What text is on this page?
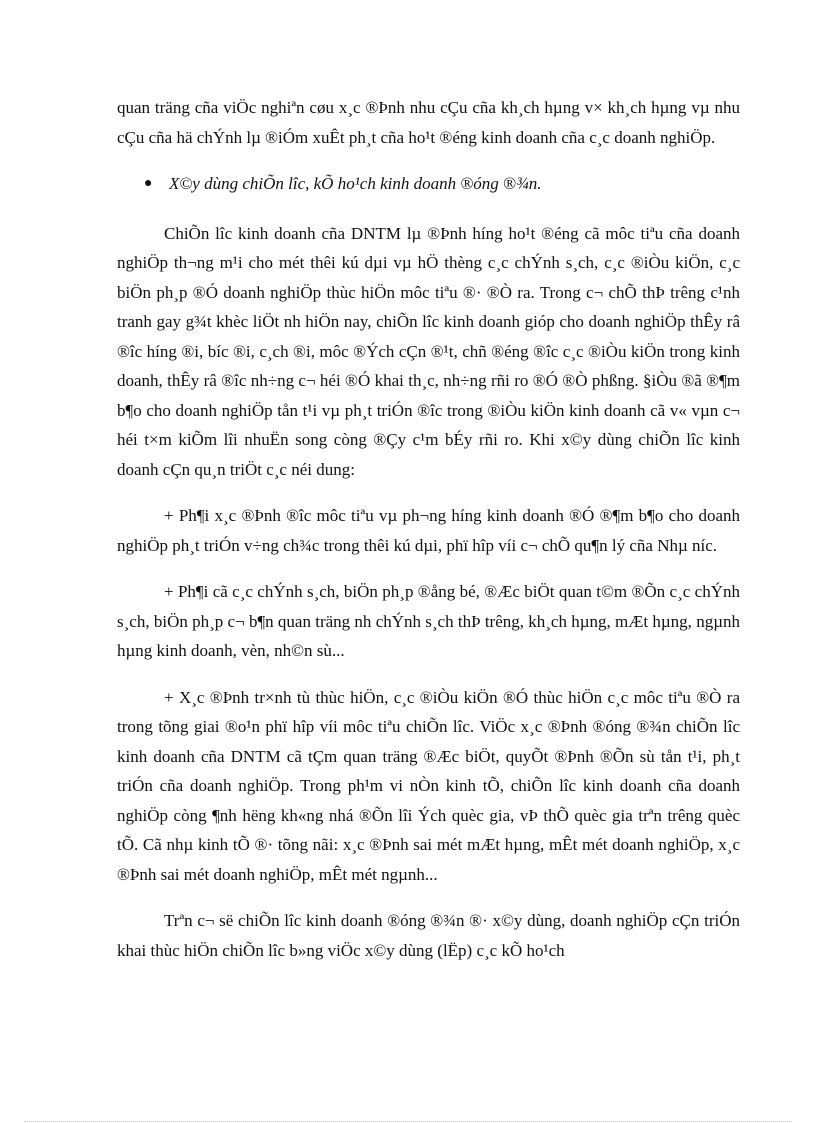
quan träng cña viÖc nghiªn cøu x¸c ®Þnh nhu cÇu cña kh¸ch hµng v× kh¸ch hµng vµ nhu cÇu cña hä chÝnh lµ ®iÓm xuÊt ph¸t cña ho¹t ®éng kinh doanh cña c¸c doanh nghiÖp.

● X©y dùng chiÕn lîc, kÕ ho¹ch kinh doanh ®óng ®¾n.

ChiÕn lîc kinh doanh cña DNTM lµ ®Þnh híng ho¹t ®éng cã môc tiªu cña doanh nghiÖp th¬ng m¹i cho mét thêi kú dµi vµ hÖ thèng c¸c chÝnh s¸ch, c¸c ®iÒu kiÖn, c¸c biÖn ph¸p ®Ó doanh nghiÖp thùc hiÖn môc tiªu ®· ®Ò ra. Trong c¬ chÕ thÞ trêng c¹nh tranh gay g¾t khèc liÖt nh hiÖn nay, chiÕn lîc kinh doanh gióp cho doanh nghiÖp thÊy râ ®îc híng ®i, bíc ®i, c¸ch ®i, môc ®Ých cÇn ®¹t, chñ ®éng ®îc c¸c ®iÒu kiÖn trong kinh doanh, thÊy râ ®îc nh÷ng c¬ héi ®Ó khai th¸c, nh÷ng rñi ro ®Ó ®Ò phßng. §iÒu ®ã ®¶m b¶o cho doanh nghiÖp tån t¹i vµ ph¸t triÓn ®îc trong ®iÒu kiÖn kinh doanh cã v« vµn c¬ héi t×m kiÕm lîi nhuËn song còng ®Çy c¹m bÉy rñi ro. Khi x©y dùng chiÕn lîc kinh doanh cÇn qu¸n triÖt c¸c néi dung:

+ Ph¶i x¸c ®Þnh ®îc môc tiªu vµ ph¬ng híng kinh doanh ®Ó ®¶m b¶o cho doanh nghiÖp ph¸t triÓn v÷ng ch¾c trong thêi kú dµi, phï hîp víi c¬ chÕ qu¶n lý cña Nhµ níc.

+ Ph¶i cã c¸c chÝnh s¸ch, biÖn ph¸p ®ång bé, ®Æc biÖt quan t©m ®Õn c¸c chÝnh s¸ch, biÖn ph¸p c¬ b¶n quan träng nh chÝnh s¸ch thÞ trêng, kh¸ch hµng, mÆt hµng, ngµnh hµng kinh doanh, vèn, nh©n sù...

+ X¸c ®Þnh tr×nh tù thùc hiÖn, c¸c ®iÒu kiÖn ®Ó thùc hiÖn c¸c môc tiªu ®Ò ra trong tõng giai ®o¹n phï hîp víi môc tiªu chiÕn lîc. ViÖc x¸c ®Þnh ®óng ®¾n chiÕn lîc kinh doanh cña DNTM cã tÇm quan träng ®Æc biÖt, quyÕt ®Þnh ®Õn sù tån t¹i, ph¸t triÓn cña doanh nghiÖp. Trong ph¹m vi nÒn kinh tÕ, chiÕn lîc kinh doanh cña doanh nghiÖp còng ¶nh hëng kh«ng nhá ®Õn lîi Ých quèc gia, vÞ thÕ quèc gia trªn trêng quèc tÕ. Cã nhµ kinh tÕ ®· tõng nãi: x¸c ®Þnh sai mét mÆt hµng, mÊt mét doanh nghiÖp, x¸c ®Þnh sai mét doanh nghiÖp, mÊt mét ngµnh...

Trªn c¬ së chiÕn lîc kinh doanh ®óng ®¾n ®· x©y dùng, doanh nghiÖp cÇn triÓn khai thùc hiÖn chiÕn lîc b»ng viÖc x©y dùng (lËp) c¸c kÕ ho¹ch
